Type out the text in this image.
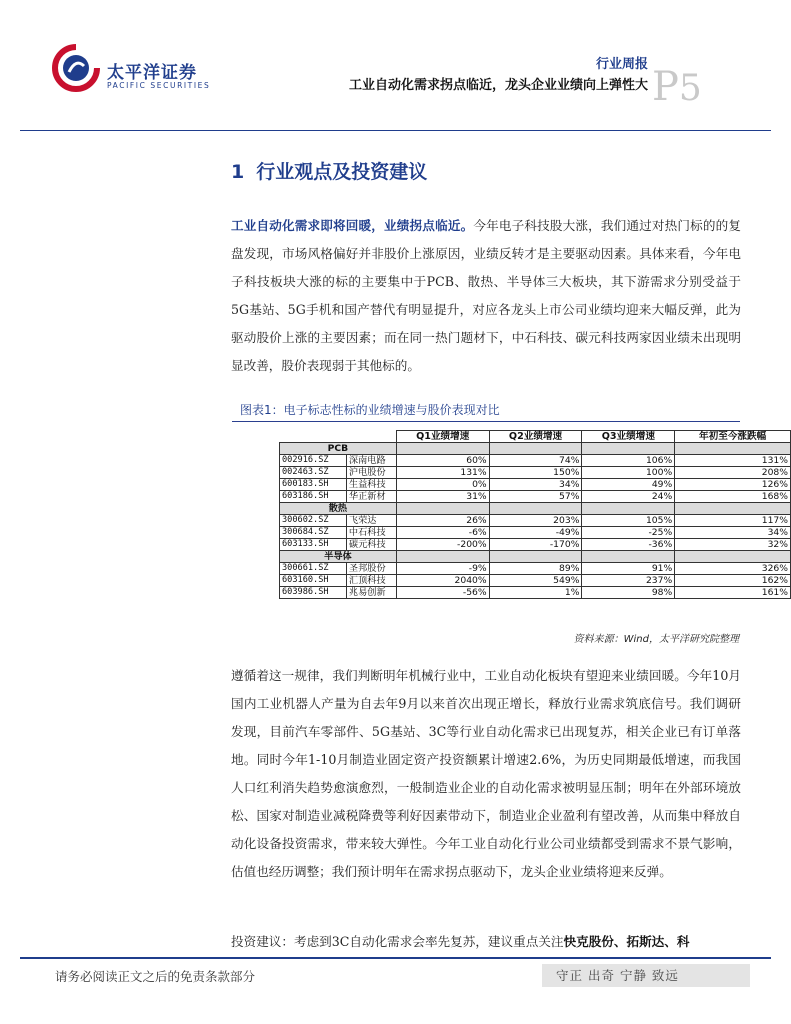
太平洋证券
PACIFIC SECURITIES
行业周报
工业自动化需求拐点临近，龙头企业业绩向上弹性大 P5
1 行业观点及投资建议
工业自动化需求即将回暖，业绩拐点临近。今年电子科技股大涨，我们通过对热门标的的复盘发现，市场风格偏好并非股价上涨原因，业绩反转才是主要驱动因素。具体来看，今年电子科技板块大涨的标的主要集中于PCB、散热、半导体三大板块，其下游需求分别受益于5G基站、5G手机和国产替代有明显提升，对应各龙头上市公司业绩均迎来大幅反弹，此为驱动股价上涨的主要因素；而在同一热门题材下，中石科技、碳元科技两家因业绩未出现明显改善，股价表现弱于其他标的。
图表1：电子标志性标的业绩增速与股价表现对比
		Q1业绩增速	Q2业绩增速	Q3业绩增速	年初至今涨跌幅
PCB					
002916.SZ	深南电路	60%	74%	106%	131%
002463.SZ	沪电股份	131%	150%	100%	208%
600183.SH	生益科技	0%	34%	49%	126%
603186.SH	华正新材	31%	57%	24%	168%
散热					
300602.SZ	飞荣达	26%	203%	105%	117%
300684.SZ	中石科技	-6%	-49%	-25%	34%
603133.SH	碳元科技	-200%	-170%	-36%	32%
半导体					
300661.SZ	圣邦股份	-9%	89%	91%	326%
603160.SH	汇顶科技	2040%	549%	237%	162%
603986.SH	兆易创新	-56%	1%	98%	161%
资料来源：Wind，太平洋研究院整理
遵循着这一规律，我们判断明年机械行业中，工业自动化板块有望迎来业绩回暖。今年10月国内工业机器人产量为自去年9月以来首次出现正增长，释放行业需求筑底信号。我们调研发现，目前汽车零部件、5G基站、3C等行业自动化需求已出现复苏，相关企业已有订单落地。同时今年1-10月制造业固定资产投资额累计增速2.6%，为历史同期最低增速，而我国人口红利消失趋势愈演愈烈，一般制造业企业的自动化需求被明显压制；明年在外部环境放松、国家对制造业减税降费等利好因素带动下，制造业企业盈利有望改善，从而集中释放自动化设备投资需求，带来较大弹性。今年工业自动化行业公司业绩都受到需求不景气影响，估值也经历调整；我们预计明年在需求拐点驱动下，龙头企业业绩将迎来反弹。
投资建议：考虑到3C自动化需求会率先复苏，建议重点关注快克股份、拓斯达、科
请务必阅读正文之后的免责条款部分	守正 出奇 宁静 致远
